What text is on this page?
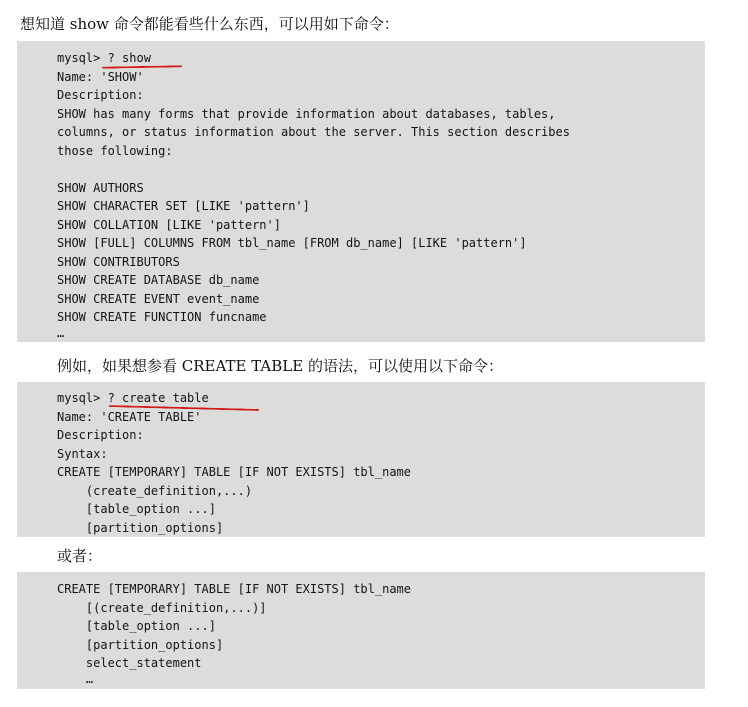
想知道 show 命令都能看些什么东西，可以用如下命令：
mysql> ? show
Name: 'SHOW'
Description:
SHOW has many forms that provide information about databases, tables,
columns, or status information about the server. This section describes
those following:
SHOW AUTHORS
SHOW CHARACTER SET [LIKE 'pattern']
SHOW COLLATION [LIKE 'pattern']
SHOW [FULL] COLUMNS FROM tbl_name [FROM db_name] [LIKE 'pattern']
SHOW CONTRIBUTORS
SHOW CREATE DATABASE db_name
SHOW CREATE EVENT event_name
SHOW CREATE FUNCTION funcname
…
例如，如果想参看 CREATE TABLE 的语法，可以使用以下命令：
mysql> ? create table
Name: 'CREATE TABLE'
Description:
Syntax:
CREATE [TEMPORARY] TABLE [IF NOT EXISTS] tbl_name
(create_definition,...)
[table_option ...]
[partition_options]
或者：
CREATE [TEMPORARY] TABLE [IF NOT EXISTS] tbl_name
[(create_definition,...)]
[table_option ...]
[partition_options]
select_statement
…
